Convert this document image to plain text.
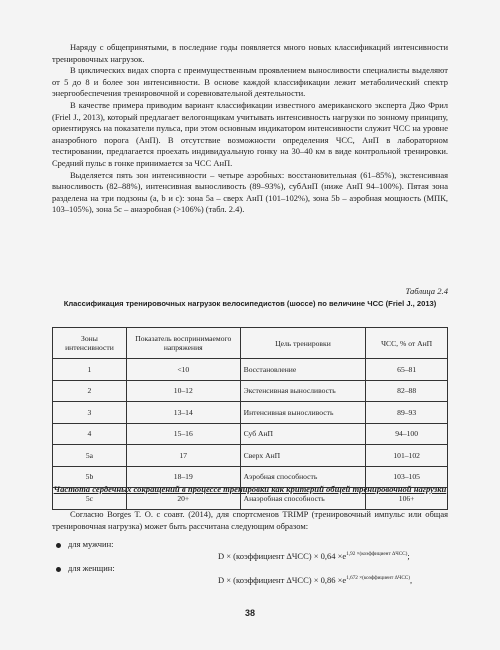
Наряду с общепринятыми, в последние годы появляется много новых классификаций интенсивности тренировочных нагрузок.

В циклических видах спорта с преимущественным проявлением выносливости специалисты выделяют от 5 до 8 и более зон интенсивности. В основе каждой классификации лежит метаболический спектр энергообеспечения тренировочной и соревновательной деятельности.

В качестве примера приводим вариант классификации известного американского эксперта Джо Фрил (Friel J., 2013), который предлагает велогонщикам учитывать интенсивность нагрузки по зонному принципу, ориентируясь на показатели пульса, при этом основным индикатором интенсивности служит ЧСС на уровне анаэробного порога (АнП). В отсутствие возможности определения ЧСС, АнП в лабораторном тестировании, предлагается проехать индивидуальную гонку на 30–40 км в виде контрольной тренировки. Средний пульс в гонке принимается за ЧСС АнП.

Выделяется пять зон интенсивности – четыре аэробных: восстановительная (61–85%), экстенсивная выносливость (82–88%), интенсивная выносливость (89–93%), субАнП (ниже АнП 94–100%). Пятая зона разделена на три подзоны (a, b и c): зона 5a – сверх АнП (101–102%), зона 5b – аэробная мощность (МПК, 103–105%), зона 5c – анаэробная (>106%) (табл. 2.4).

Таблица 2.4
Классификация тренировочных нагрузок велосипедистов (шоссе) по величине ЧСС (Friel J., 2013)
Зоны интенсивности	Показатель воспринимаемого напряжения	Цель тренировки	ЧСС, % от АнП
1	<10	Восстановление	65–81
2	10–12	Экстенсивная выносливость	82–88
3	13–14	Интенсивная выносливость	89–93
4	15–16	Суб АнП	94–100
5a	17	Сверх АнП	101–102
5b	18–19	Аэробная способность	103–105
5c	20+	Анаэробная способность	106+
Частота сердечных сокращений в процессе тренировки как критерий общей тренировочной нагрузки

Согласно Borges T. O. с соавт. (2014), для спортсменов TRIMP (тренировочный импульс или общая тренировочная нагрузка) может быть рассчитана следующим образом:

для мужчин:
D × (коэффициент $\Delta ЧСС) \times 0,64 \times e^{1,92 \times(коэффициент \Delta ЧСС)}$;
для женщин:
D × (коэффициент $\Delta ЧСС) \times 0,86 \times e^{1,672 \times(коэффициент \Delta ЧСС)}$,
38
